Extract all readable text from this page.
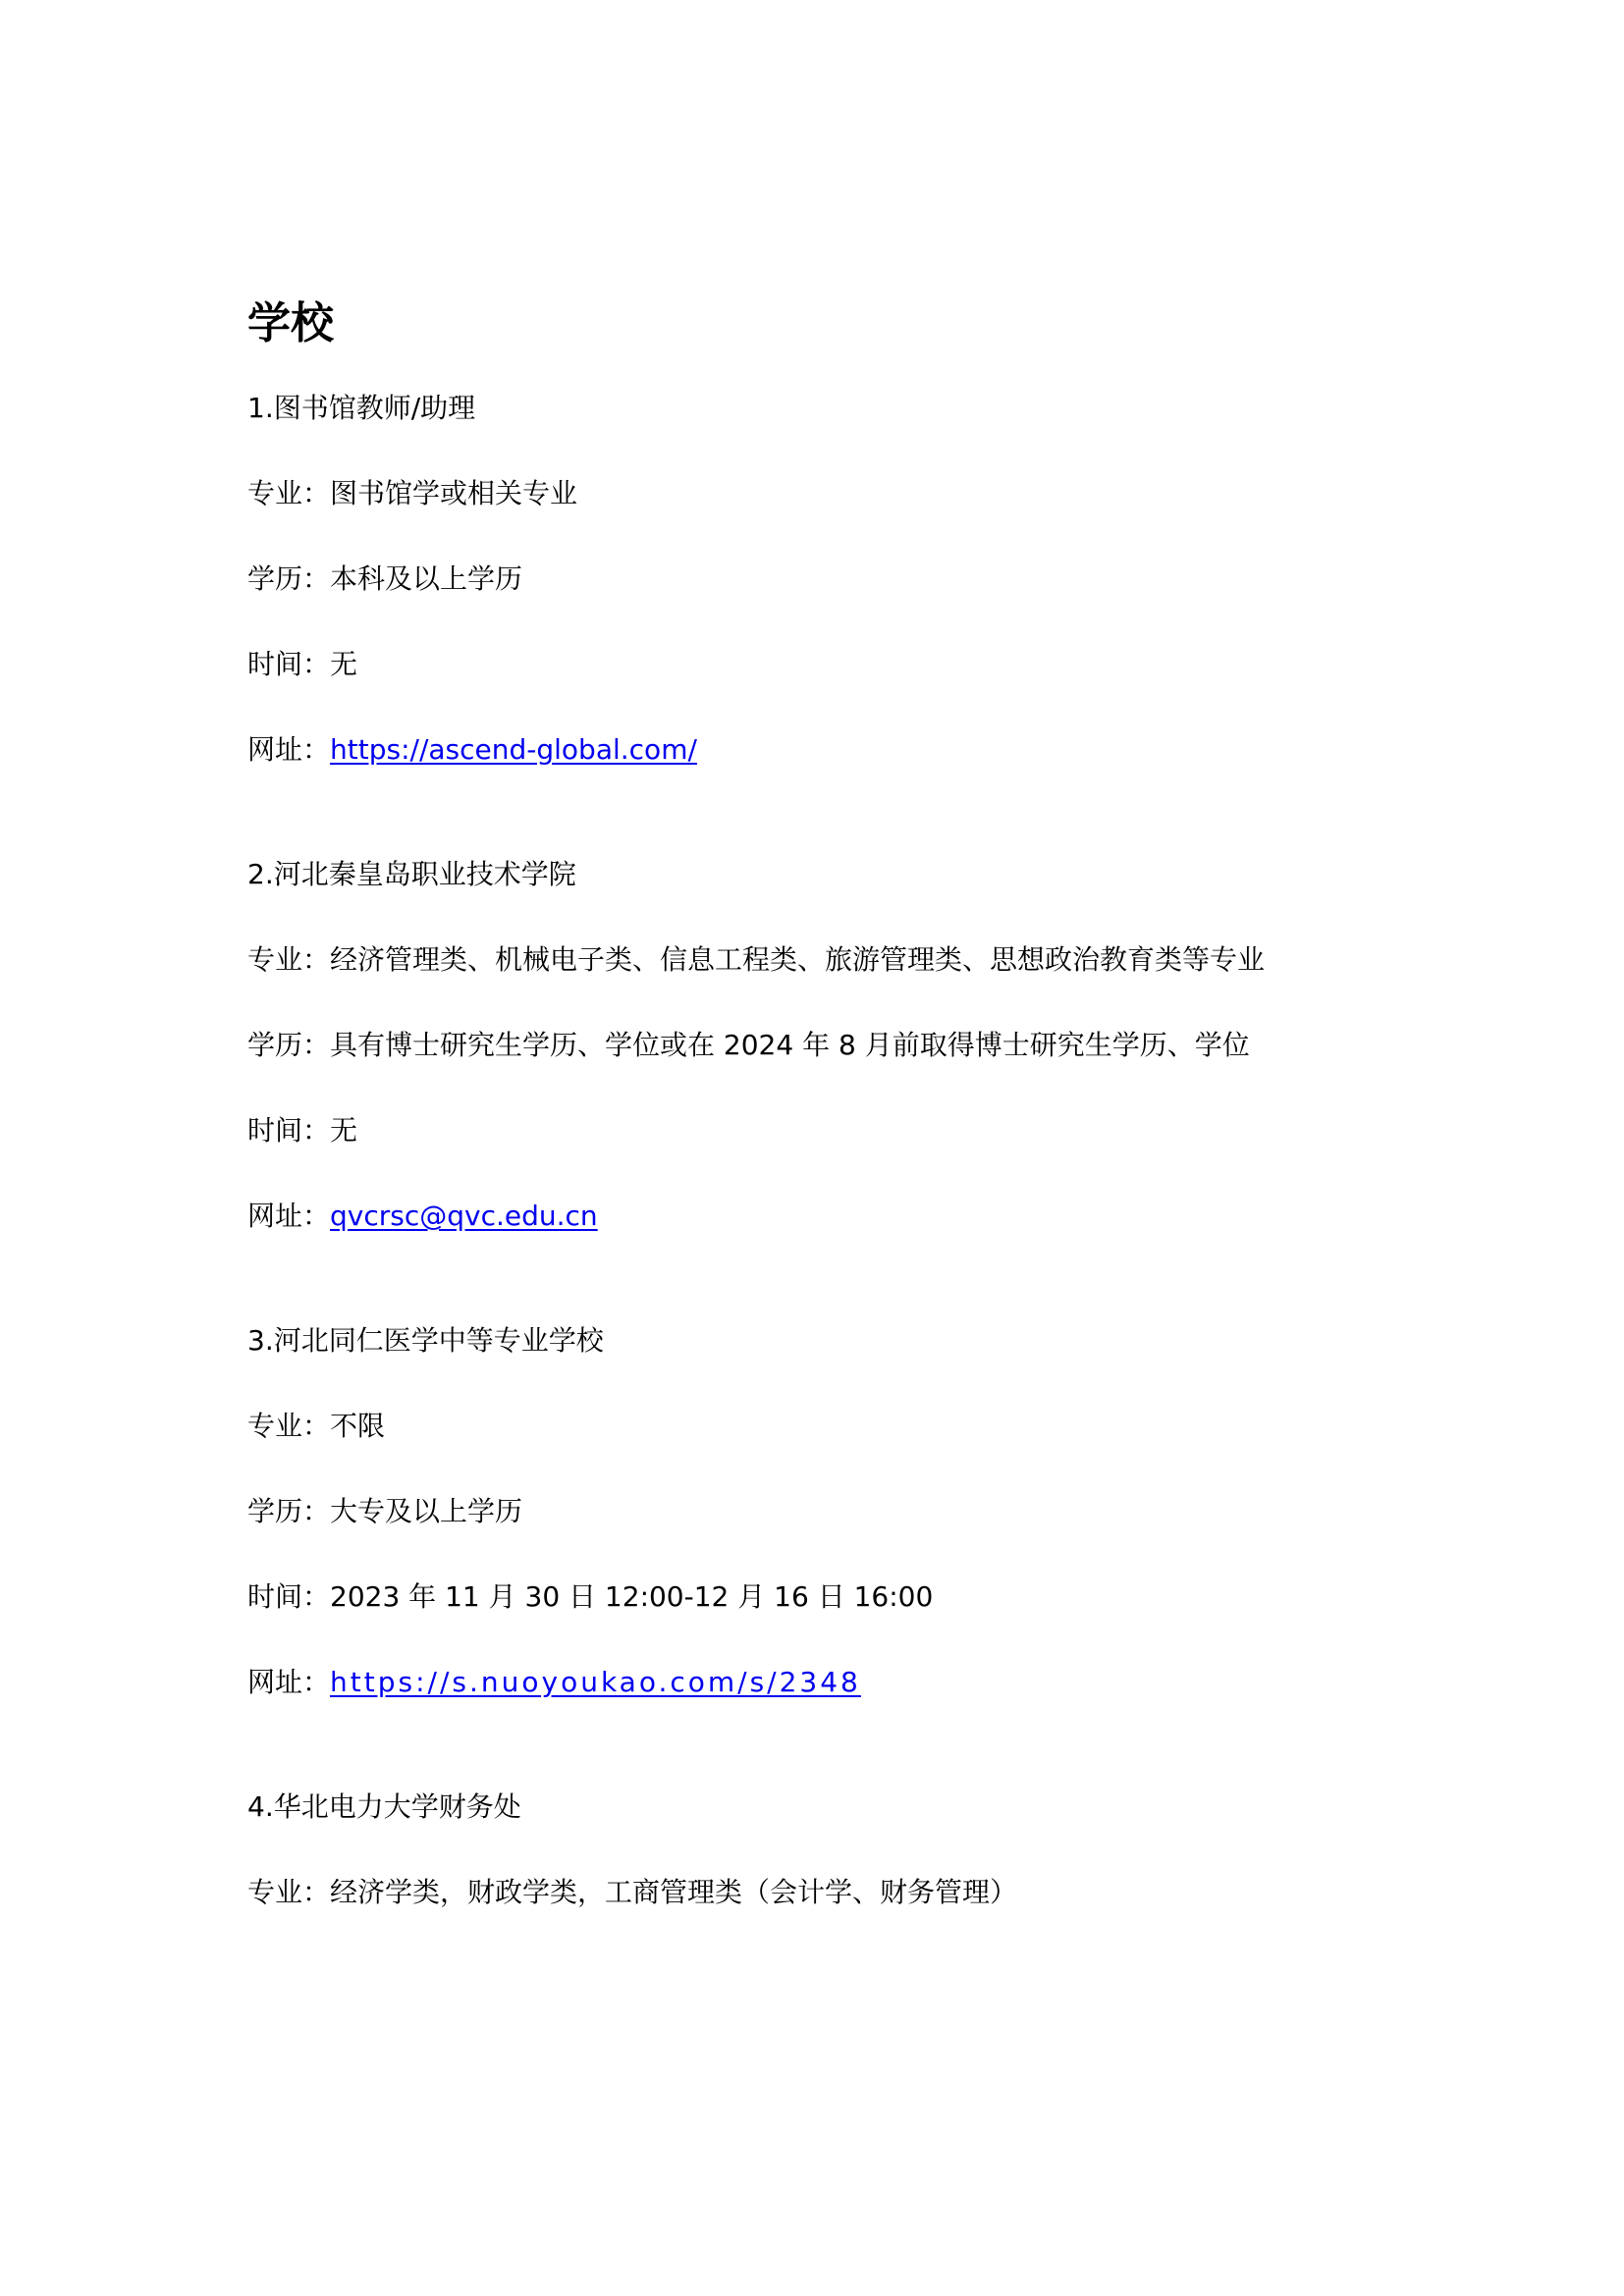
学校
1.图书馆教师/助理
专业：图书馆学或相关专业
学历：本科及以上学历
时间：无
网址：https://ascend-global.com/
2.河北秦皇岛职业技术学院
专业：经济管理类、机械电子类、信息工程类、旅游管理类、思想政治教育类等专业
学历：具有博士研究生学历、学位或在 2024 年 8 月前取得博士研究生学历、学位
时间：无
网址：qvcrsc@qvc.edu.cn
3.河北同仁医学中等专业学校
专业：不限
学历：大专及以上学历
时间：2023 年 11 月 30 日 12:00-12 月 16 日 16:00
网址：https://s.nuoyoukao.com/s/2348
4.华北电力大学财务处
专业：经济学类，财政学类，工商管理类（会计学、财务管理）
